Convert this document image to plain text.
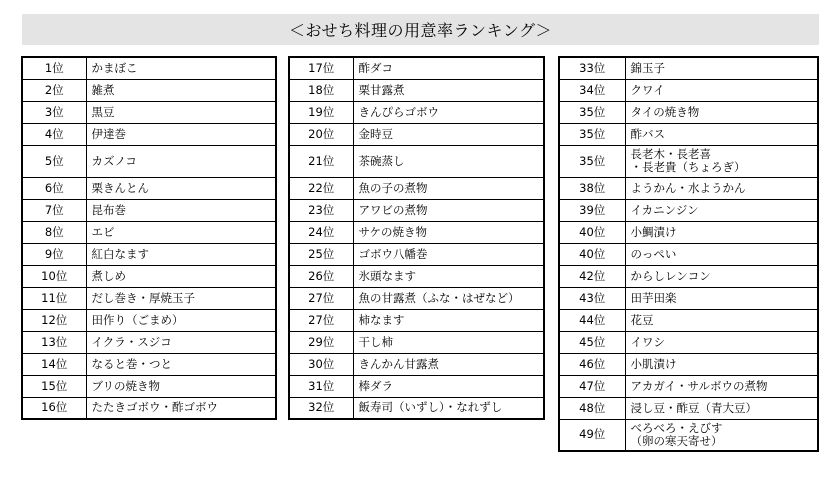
＜おせち料理の用意率ランキング＞
1位	かまぼこ

2位	雑煮

3位	黒豆

4位	伊達巻

5位	カズノコ

6位	栗きんとん

7位	昆布巻

8位	エビ

9位	紅白なます

10位	煮しめ

11位	だし巻き・厚焼玉子

12位	田作り（ごまめ）

13位	イクラ・スジコ

14位	なると巻・つと

15位	ブリの焼き物

16位	たたきゴボウ・酢ゴボウ
17位	酢ダコ

18位	栗甘露煮

19位	きんぴらゴボウ

20位	金時豆

21位	茶碗蒸し

22位	魚の子の煮物

23位	アワビの煮物

24位	サケの焼き物

25位	ゴボウ八幡巻

26位	氷頭なます

27位	魚の甘露煮（ふな・はぜなど）

27位	柿なます

29位	干し柿

30位	きんかん甘露煮

31位	棒ダラ

32位	飯寿司（いずし）・なれずし
33位	錦玉子

34位	クワイ

35位	タイの焼き物

35位	酢バス

35位	長老木・長老喜
・長老貴（ちょろぎ）

38位	ようかん・水ようかん

39位	イカニンジン

40位	小鯛漬け

40位	のっぺい

42位	からしレンコン

43位	田芋田楽

44位	花豆

45位	イワシ

46位	小肌漬け

47位	アカガイ・サルボウの煮物

48位	浸し豆・酢豆（青大豆）

49位	べろべろ・えびす
（卵の寒天寄せ）
